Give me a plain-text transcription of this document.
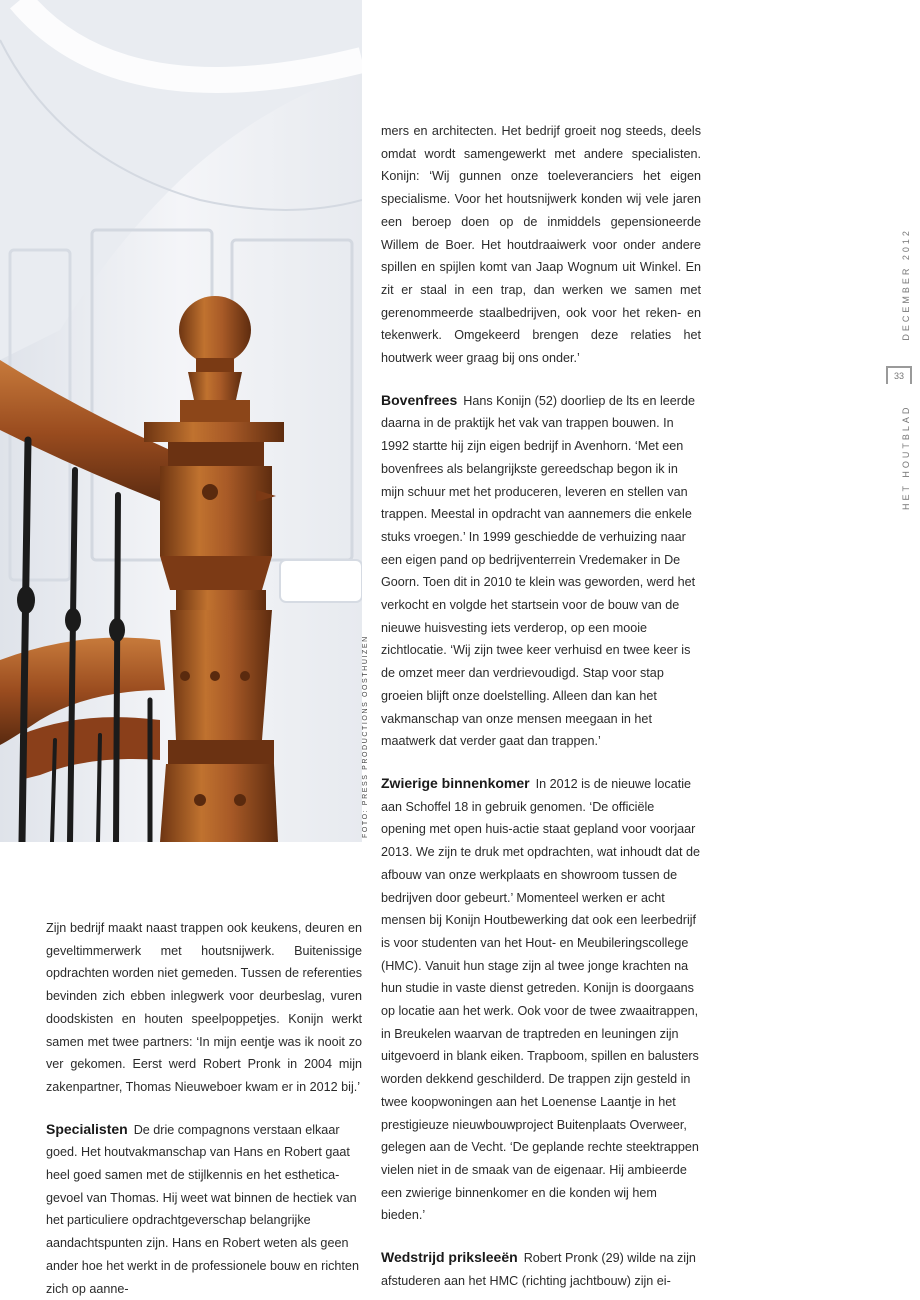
FOTO: PRESS PRODUCTIONS OOSTHUIZEN
HET HOUTBLADDECEMBER 2012
33

mers en architecten. Het bedrijf groeit nog steeds, deels omdat wordt samengewerkt met andere specialisten. Konijn: ‘Wij gunnen onze toeleveranciers het eigen specialisme. Voor het houtsnijwerk konden wij vele jaren een beroep doen op de inmiddels gepensioneerde Willem de Boer. Het houtdraaiwerk voor onder andere spillen en spijlen komt van Jaap Wognum uit Winkel. En zit er staal in een trap, dan werken we samen met gerenommeerde staalbedrijven, ook voor het reken- en tekenwerk. Omgekeerd brengen deze relaties het houtwerk weer graag bij ons onder.’

Bovenfrees Hans Konijn (52) doorliep de lts en leerde daarna in de praktijk het vak van trappen bouwen. In 1992 startte hij zijn eigen bedrijf in Avenhorn. ‘Met een bovenfrees als belangrijkste gereedschap begon ik in mijn schuur met het produceren, leveren en stellen van trappen. Meestal in opdracht van aannemers die enkele stuks vroegen.’ In 1999 geschiedde de verhuizing naar een eigen pand op bedrijventerrein Vredemaker in De Goorn. Toen dit in 2010 te klein was geworden, werd het verkocht en volgde het startsein voor de bouw van de nieuwe huisvesting iets verderop, op een mooie zichtlocatie. ‘Wij zijn twee keer verhuisd en twee keer is de omzet meer dan verdrievoudigd. Stap voor stap groeien blijft onze doelstelling. Alleen dan kan het vakmanschap van onze mensen meegaan in het maatwerk dat verder gaat dan trappen.’

Zwierige binnenkomer In 2012 is de nieuwe locatie aan Schoffel 18 in gebruik genomen. ‘De officiële opening met open huis-actie staat gepland voor voorjaar 2013. We zijn te druk met opdrachten, wat inhoudt dat de afbouw van onze werkplaats en showroom tussen de bedrijven door gebeurt.’ Momenteel werken er acht mensen bij Konijn Houtbewerking dat ook een leerbedrijf is voor studenten van het Hout- en Meubileringscollege (HMC). Vanuit hun stage zijn al twee jonge krachten na hun studie in vaste dienst getreden. Konijn is doorgaans op locatie aan het werk. Ook voor de twee zwaaitrappen, in Breukelen waarvan de traptreden en leuningen zijn uitgevoerd in blank eiken. Trapboom, spillen en balusters worden dekkend geschilderd. De trappen zijn gesteld in twee koopwoningen aan het Loenense Laantje in het prestigieuze nieuwbouwproject Buitenplaats Overweer, gelegen aan de Vecht. ‘De geplande rechte steektrappen vielen niet in de smaak van de eigenaar. Hij ambieerde een zwierige binnenkomer en die konden wij hem bieden.’

Wedstrijd priksleeën Robert Pronk (29) wilde na zijn afstuderen aan het HMC (richting jachtbouw) zijn ei-

Zijn bedrijf maakt naast trappen ook keukens, deuren en geveltimmerwerk met houtsnijwerk. Buitenissige opdrachten worden niet gemeden. Tussen de referenties bevinden zich ebben inlegwerk voor deurbeslag, vuren doodskisten en houten speelpoppetjes. Konijn werkt samen met twee partners: ‘In mijn eentje was ik nooit zo ver gekomen. Eerst werd Robert Pronk in 2004 mijn zakenpartner, Thomas Nieuweboer kwam er in 2012 bij.’

Specialisten De drie compagnons verstaan elkaar goed. Het houtvakmanschap van Hans en Robert gaat heel goed samen met de stijlkennis en het estheticagevoel van Thomas. Hij weet wat binnen de hectiek van het particuliere opdrachtgeverschap belangrijke aandachtspunten zijn. Hans en Robert weten als geen ander hoe het werkt in de professionele bouw en richten zich op aanne-
